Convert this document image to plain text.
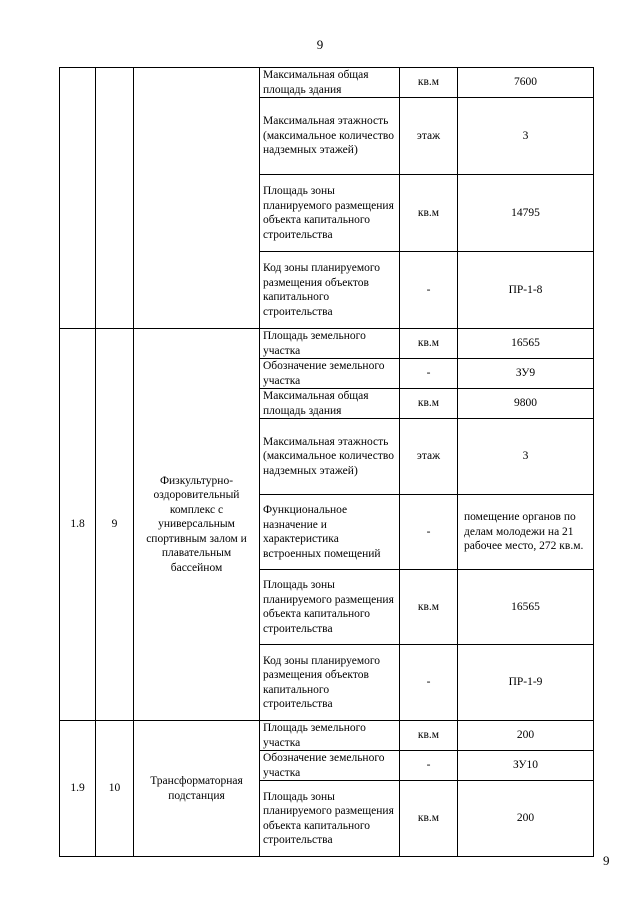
9
			Максимальная общая площадь здания	кв.м	7600
			Максимальная этажность (максимальное количество надземных этажей)	этаж	3
			Площадь зоны планируемого размещения объекта капитального строительства	кв.м	14795
			Код зоны планируемого размещения объектов капитального строительства	-	ПР-1-8
1.8	9	Физкультурно-оздоровительный комплекс с универсальным спортивным залом и плавательным бассейном	Площадь земельного участка	кв.м	16565
			Обозначение земельного участка	-	ЗУ9
			Максимальная общая площадь здания	кв.м	9800
			Максимальная этажность (максимальное количество надземных этажей)	этаж	3
			Функциональное назначение и характеристика встроенных помещений	-	помещение органов по делам молодежи на 21 рабочее место, 272 кв.м.
			Площадь зоны планируемого размещения объекта капитального строительства	кв.м	16565
			Код зоны планируемого размещения объектов капитального строительства	-	ПР-1-9
1.9	10	Трансформаторная подстанция	Площадь земельного участка	кв.м	200
			Обозначение земельного участка	-	ЗУ10
			Площадь зоны планируемого размещения объекта капитального строительства	кв.м	200
9
